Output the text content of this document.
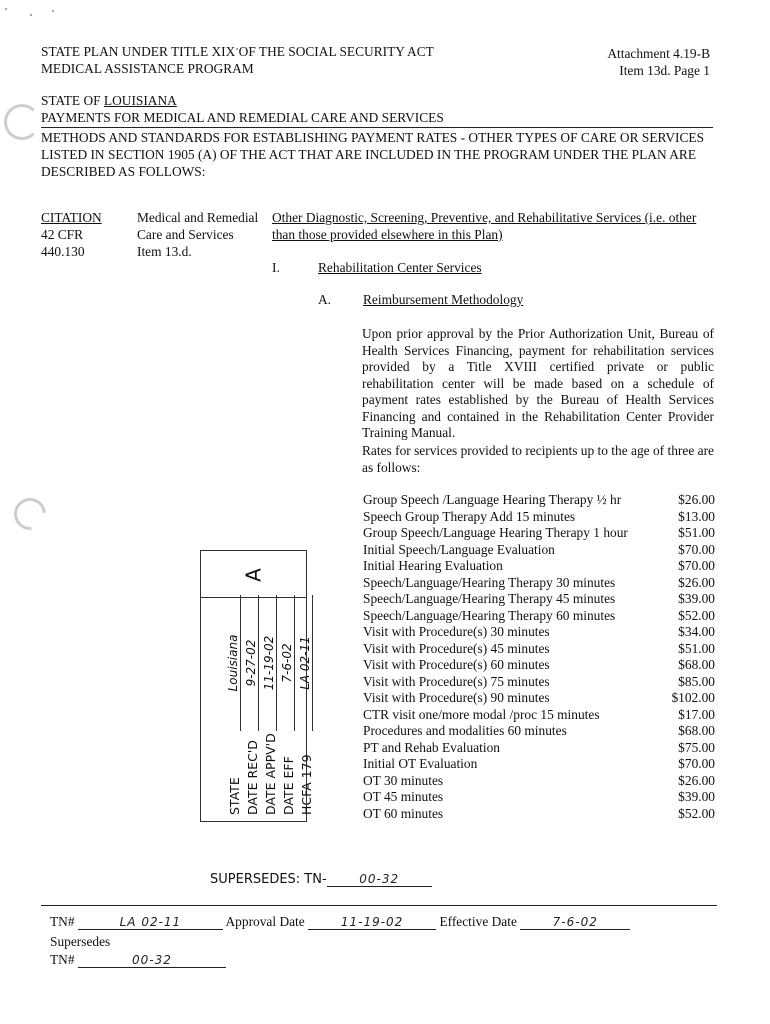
STATE PLAN UNDER TITLE XIX OF THE SOCIAL SECURITY ACT
MEDICAL ASSISTANCE PROGRAM
Attachment 4.19-B
Item 13d. Page 1
STATE OF LOUISIANA
PAYMENTS FOR MEDICAL AND REMEDIAL CARE AND SERVICES
METHODS AND STANDARDS FOR ESTABLISHING PAYMENT RATES - OTHER TYPES OF CARE OR SERVICES
LISTED IN SECTION 1905 (A) OF THE ACT THAT ARE INCLUDED IN THE PROGRAM UNDER THE PLAN ARE
DESCRIBED AS FOLLOWS:
CITATION
42 CFR
440.130
Medical and Remedial
Care and Services
Item 13.d.
Other Diagnostic, Screening, Preventive, and Rehabilitative Services (i.e. other
than those provided elsewhere in this Plan)
I.	Rehabilitation Center Services
A. Reimbursement Methodology
Upon prior approval by the Prior Authorization Unit, Bureau of Health Services Financing, payment for rehabilitation services provided by a Title XVIII certified private or public rehabilitation center will be made based on a schedule of payment rates established by the Bureau of Health Services Financing and contained in the Rehabilitation Center Provider Training Manual.
Rates for services provided to recipients up to the age of three are as follows:
Group Speech /Language Hearing Therapy ½ hr	$26.00
Speech Group Therapy Add 15 minutes	$13.00
Group Speech/Language Hearing Therapy 1 hour	$51.00
Initial Speech/Language Evaluation	$70.00
Initial Hearing Evaluation	$70.00
Speech/Language/Hearing Therapy 30 minutes	$26.00
Speech/Language/Hearing Therapy 45 minutes	$39.00
Speech/Language/Hearing Therapy 60 minutes	$52.00
Visit with Procedure(s) 30 minutes	$34.00
Visit with Procedure(s) 45 minutes	$51.00
Visit with Procedure(s) 60 minutes	$68.00
Visit with Procedure(s) 75 minutes	$85.00
Visit with Procedure(s) 90 minutes	$102.00
CTR visit one/more modal /proc 15 minutes	$17.00
Procedures and modalities 60 minutes	$68.00
PT and Rehab Evaluation	$75.00
Initial OT Evaluation	$70.00
OT 30 minutes	$26.00
OT 45 minutes	$39.00
OT 60 minutes	$52.00
A
STATE
Louisiana
DATE REC'D
9-27-02
DATE APPV'D
11-19-02
DATE EFF
7-6-02
HCFA 179
LA 02-11
SUPERSEDES: TN-	00-32
TN#	LA 02-11	Approval Date	11-19-02	Effective Date	7-6-02
Supersedes
TN#	00-32
